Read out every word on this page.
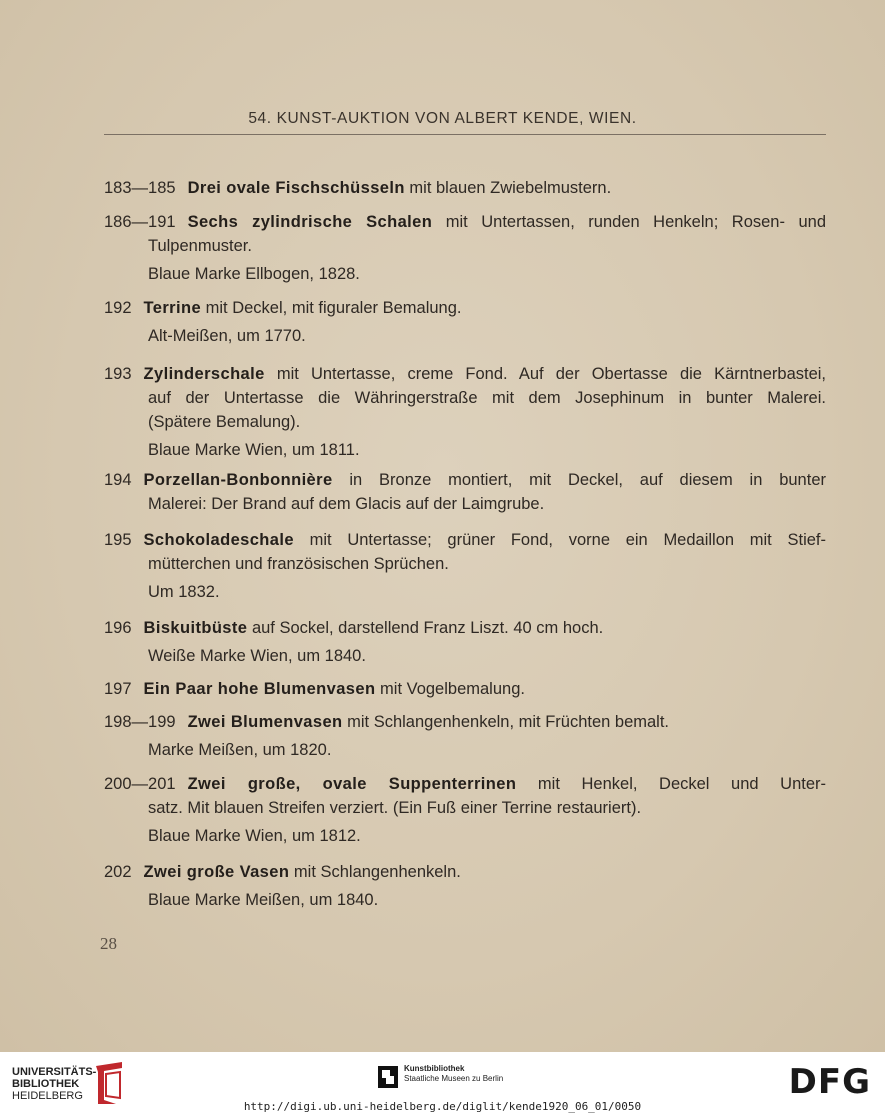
54. KUNST-AUKTION VON ALBERT KENDE, WIEN.
183—185 Drei ovale Fischschüsseln mit blauen Zwiebelmustern.
186—191 Sechs zylindrische Schalen mit Untertassen, runden Henkeln; Rosen- und
Tulpenmuster.
Blaue Marke Ellbogen, 1828.
192 Terrine mit Deckel, mit figuraler Bemalung.
Alt-Meißen, um 1770.
193 Zylinderschale mit Untertasse, creme Fond. Auf der Obertasse die Kärntnerbastei,
auf der Untertasse die Währingerstraße mit dem Josephinum in bunter Malerei.
(Spätere Bemalung).
Blaue Marke Wien, um 1811.
194 Porzellan-Bonbonnière in Bronze montiert, mit Deckel, auf diesem in bunter
Malerei: Der Brand auf dem Glacis auf der Laimgrube.
195 Schokoladeschale mit Untertasse; grüner Fond, vorne ein Medaillon mit Stief-
mütterchen und französischen Sprüchen.
Um 1832.
196 Biskuitbüste auf Sockel, darstellend Franz Liszt. 40 cm hoch.
Weiße Marke Wien, um 1840.
197 Ein Paar hohe Blumenvasen mit Vogelbemalung.
198—199 Zwei Blumenvasen mit Schlangenhenkeln, mit Früchten bemalt.
Marke Meißen, um 1820.
200—201 Zwei große, ovale Suppenterrinen mit Henkel, Deckel und Unter-
satz. Mit blauen Streifen verziert. (Ein Fuß einer Terrine restauriert).
Blaue Marke Wien, um 1812.
202 Zwei große Vasen mit Schlangenhenkeln.
Blaue Marke Meißen, um 1840.
28
UNIVERSITÄTS-
BIBLIOTHEK
HEIDELBERG
Kunstbibliothek
Staatliche Museen zu Berlin	DFG
http://digi.ub.uni-heidelberg.de/diglit/kende1920_06_01/0050
